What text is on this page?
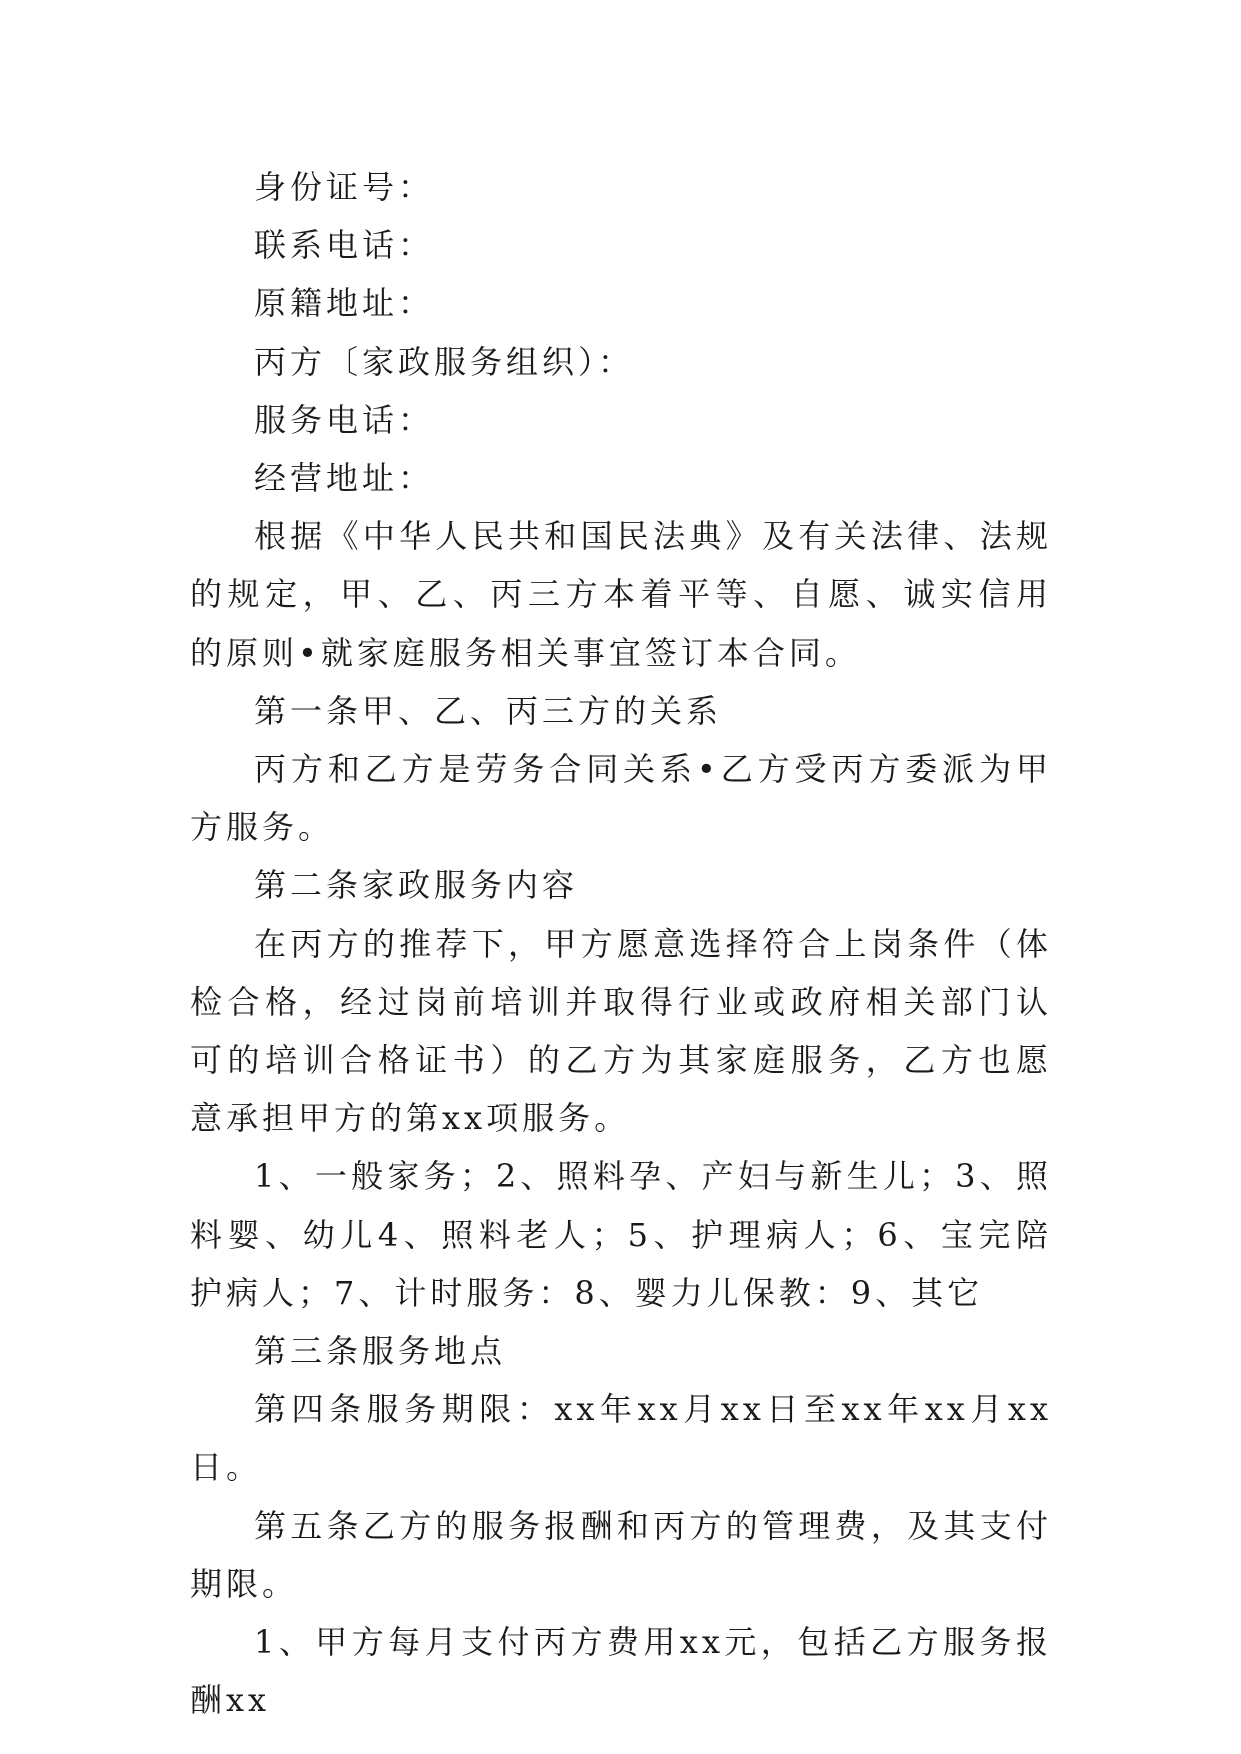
身份证号：

联系电话：

原籍地址：

丙方〔家政服务组织）：

服务电话：

经营地址：

根据《中华人民共和国民法典》及有关法律、法规的规定，甲、乙、丙三方本着平等、自愿、诚实信用的原则•就家庭服务相关事宜签订本合同。

第一条甲、乙、丙三方的关系

丙方和乙方是劳务合同关系•乙方受丙方委派为甲方服务。

第二条家政服务内容

在丙方的推荐下，甲方愿意选择符合上岗条件（体检合格，经过岗前培训并取得行业或政府相关部门认可的培训合格证书）的乙方为其家庭服务，乙方也愿意承担甲方的第xx项服务。

1、一般家务；2、照料孕、产妇与新生儿；3、照料婴、幼儿4、照料老人；5、护理病人；6、宝完陪护病人；7、计时服务：8、婴力儿保教：9、其它

第三条服务地点

第四条服务期限：xx年xx月xx日至xx年xx月xx日。

第五条乙方的服务报酬和丙方的管理费，及其支付期限。

1、甲方每月支付丙方费用xx元，包括乙方服务报酬xx
